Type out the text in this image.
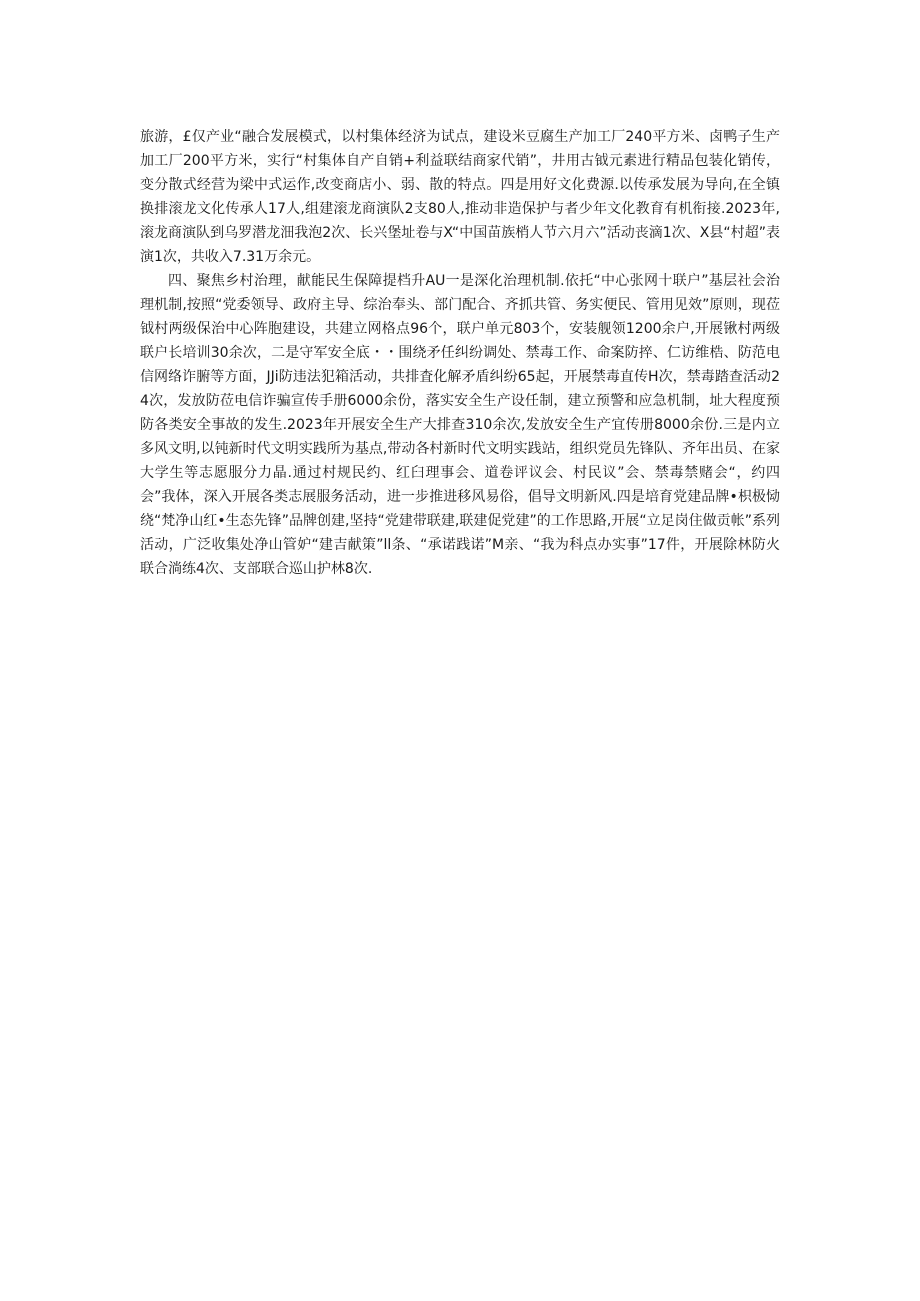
旅游，£仅产业“融合发展模式，以村集体经济为试点，建设米豆腐生产加工厂240平方米、卤鸭子生产加工厂200平方米，实行“村集体自产自销+利益联结商家代销”，井用古钺元素进行精品包装化销传，变分散式经营为梁中式运作,改变商店小、弱、散的特点。四是用好文化费源.以传承发展为导向,在全镇换排滚龙文化传承人17人,组建滚龙商演队2支80人,推动非造保护与者少年文化教育有机衔接.2023年,滚龙商演队到乌罗潜龙沺我泡2次、长兴堡址卷与X“中国苗族梢人节六月六”活动丧滴1次、X县“村超”表演1次，共收入7.31万余元。

四、聚焦乡村治理，献能民生保障提档升AU一是深化治理机制.依托“中心张网十联户”基层社会治理机制,按照“党委领导、政府主导、综治奉头、部门配合、齐抓共管、务实便民、管用见效”原则，现莅钺村两级保治中心阵胞建设，共建立网格点96个，联户单元803个，安装舰领1200余户,开展锹村两级联户长培训30余次，二是守军安全底・・围绕矛任纠纷调处、禁毒工作、命案防捽、仁访维梏、防范电信网络诈腑等方面，JJi防违法犯箱活动，共排査化解矛盾纠纷65起，开展禁毒直传H次，禁毒踏查活动24次，发放防莅电信诈骗宣传手册6000余份，落实安全生产设任制，建立预警和应急机制，址大程度预防各类安全事故的发生.2023年开展安全生产大排查310余次,发放安全生产宜传册8000余份.三是内立多风文明,以钝新时代文明实践所为基点,带动各村新时代文明实践站，组织党员先锋队、齐年出员、在家大学生等志愿服分力晶.通过村规民约、红臼理事会、道卷评议会、村民议”会、禁毒禁赌会“，约四会”我体，深入开展各类志展服务活动，进一步推进移风易俗，倡导文明新风.四是培育党建品牌•枳极恸绕“梵净山红•生态先锋”品牌创建,坚持“党建带联建,联建促党建”的工作思路,开展“立足岗住做贡帐”系列活动，广泛收集处净山管妒“建吉献策”ll条、“承诺践诺”M亲、“我为科点办实事”17件，开展除林防火联合淌练4次、支部联合巡山护林8次.
